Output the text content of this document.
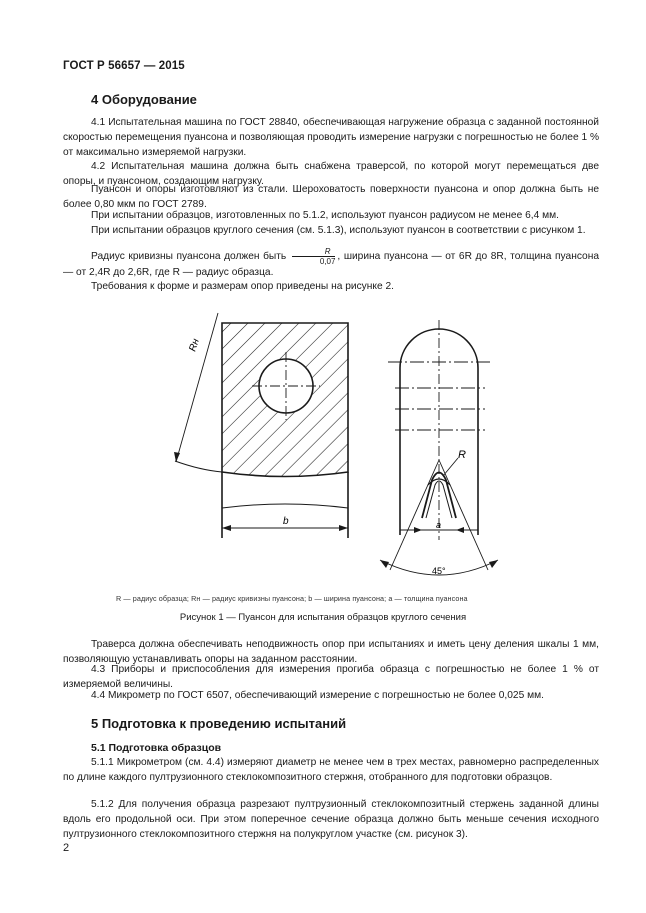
ГОСТ Р 56657 — 2015
4 Оборудование
4.1 Испытательная машина по ГОСТ 28840, обеспечивающая нагружение образца с заданной постоянной скоростью перемещения пуансона и позволяющая проводить измерение нагрузки с погрешностью не более 1 % от максимально измеряемой нагрузки.
4.2 Испытательная машина должна быть снабжена траверсой, по которой могут перемещаться две опоры, и пуансоном, создающим нагрузку.
Пуансон и опоры изготовляют из стали. Шероховатость поверхности пуансона и опор должна быть не более 0,80 мкм по ГОСТ 2789.
При испытании образцов, изготовленных по 5.1.2, используют пуансон радиусом не менее 6,4 мм.
При испытании образцов круглого сечения (см. 5.1.3), используют пуансон в соответствии с рисунком 1.
Радиус кривизны пуансона должен быть $\frac{R}{0,07}$ , ширина пуансона — от 6R до 8R, толщина пуансона — от 2,4R до 2,6R, где R — радиус образца.
Требования к форме и размерам опор приведены на рисунке 2.
Rн
b
R
a
45°
R — радиус образца; Rн — радиус кривизны пуансона; b — ширина пуансона; a — толщина пуансона
Рисунок 1 — Пуансон для испытания образцов круглого сечения
Траверса должна обеспечивать неподвижность опор при испытаниях и иметь цену деления шкалы 1 мм, позволяющую устанавливать опоры на заданном расстоянии.
4.3 Приборы и приспособления для измерения прогиба образца с погрешностью не более 1 % от измеряемой величины.
4.4 Микрометр по ГОСТ 6507, обеспечивающий измерение с погрешностью не более 0,025 мм.
5 Подготовка к проведению испытаний
5.1 Подготовка образцов
5.1.1 Микрометром (см. 4.4) измеряют диаметр не менее чем в трех местах, равномерно распределенных по длине каждого пултрузионного стеклокомпозитного стержня, отобранного для подготовки образцов.
5.1.2 Для получения образца разрезают пултрузионный стеклокомпозитный стержень заданной длины вдоль его продольной оси. При этом поперечное сечение образца должно быть меньше сечения исходного пултрузионного стеклокомпозитного стержня на полукруглом участке (см. рисунок 3).
2
